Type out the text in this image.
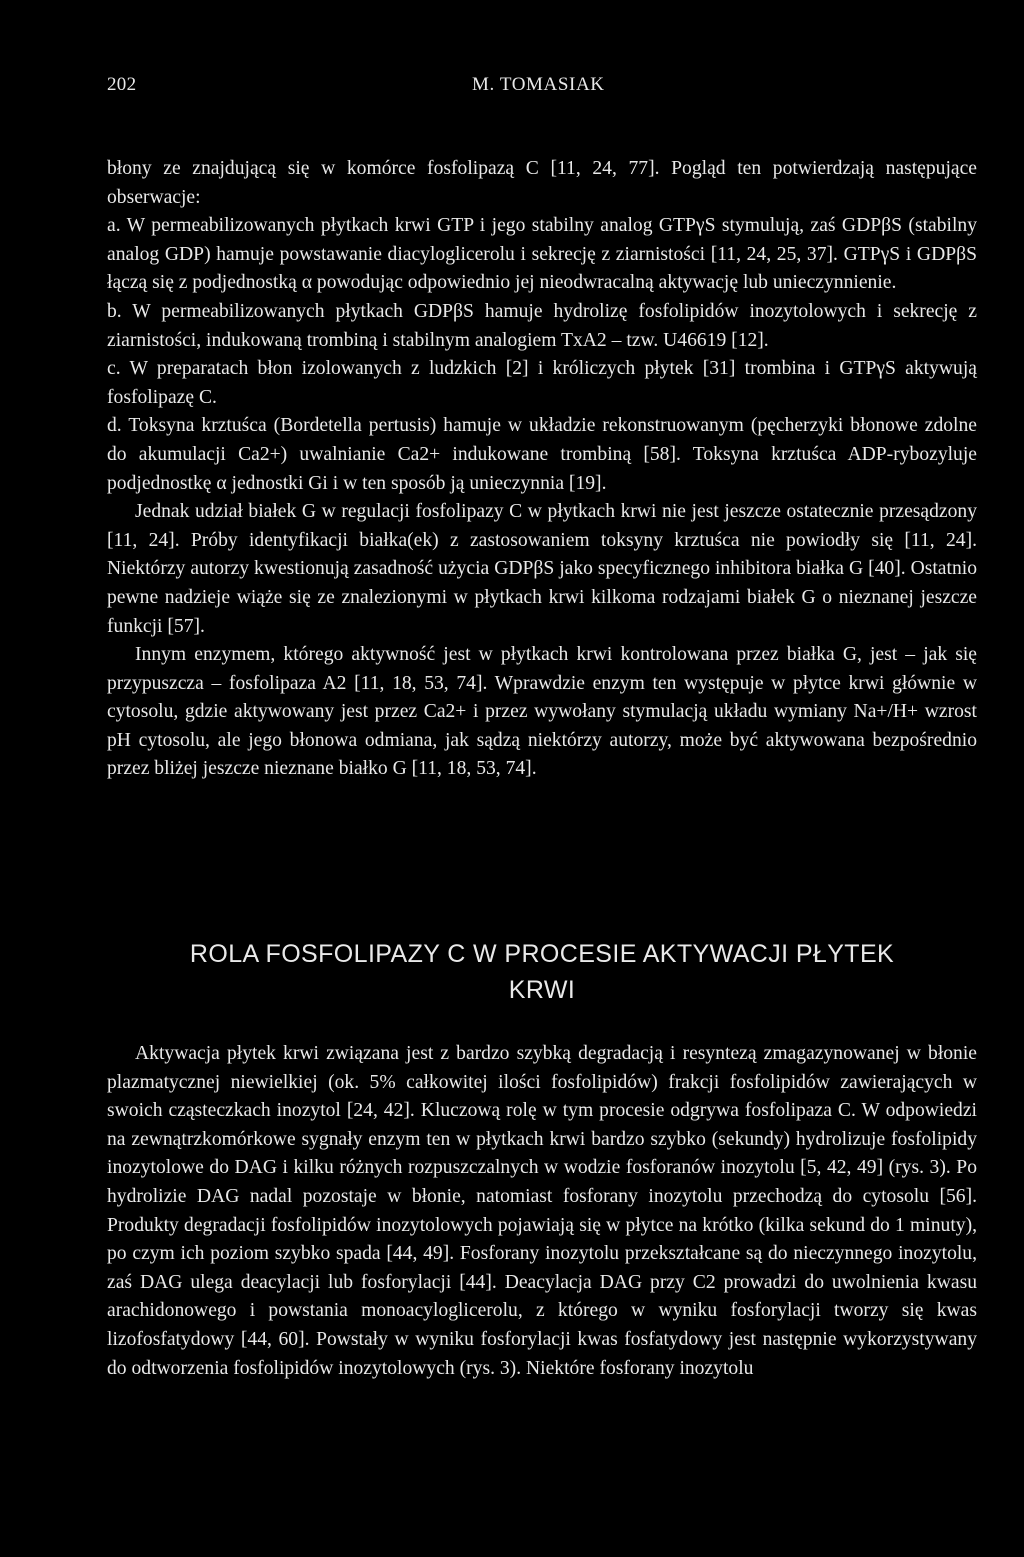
202	M. TOMASIAK

błony ze znajdującą się w komórce fosfolipazą C [11, 24, 77]. Pogląd ten potwierdzają następujące obserwacje:

a. W permeabilizowanych płytkach krwi GTP i jego stabilny analog GTPγS stymulują, zaś GDPβS (stabilny analog GDP) hamuje powstawanie diacyloglicerolu i sekrecję z ziarnistości [11, 24, 25, 37]. GTPγS i GDPβS łączą się z podjednostką α powodując odpowiednio jej nieodwracalną aktywację lub unieczynnienie.

b. W permeabilizowanych płytkach GDPβS hamuje hydrolizę fosfolipidów inozytolowych i sekrecję z ziarnistości, indukowaną trombiną i stabilnym analogiem TxA2 – tzw. U46619 [12].

c. W preparatach błon izolowanych z ludzkich [2] i króliczych płytek [31] trombina i GTPγS aktywują fosfolipazę C.

d. Toksyna krztuśca (Bordetella pertusis) hamuje w układzie rekonstruowanym (pęcherzyki błonowe zdolne do akumulacji Ca2+) uwalnianie Ca2+ indukowane trombiną [58]. Toksyna krztuśca ADP-rybozyluje podjednostkę α jednostki Gi i w ten sposób ją unieczynnia [19].

Jednak udział białek G w regulacji fosfolipazy C w płytkach krwi nie jest jeszcze ostatecznie przesądzony [11, 24]. Próby identyfikacji białka(ek) z zastosowaniem toksyny krztuśca nie powiodły się [11, 24]. Niektórzy autorzy kwestionują zasadność użycia GDPβS jako specyficznego inhibitora białka G [40]. Ostatnio pewne nadzieje wiąże się ze znalezionymi w płytkach krwi kilkoma rodzajami białek G o nieznanej jeszcze funkcji [57].

Innym enzymem, którego aktywność jest w płytkach krwi kontrolowana przez białka G, jest – jak się przypuszcza – fosfolipaza A2 [11, 18, 53, 74]. Wprawdzie enzym ten występuje w płytce krwi głównie w cytosolu, gdzie aktywowany jest przez Ca2+ i przez wywołany stymulacją układu wymiany Na+/H+ wzrost pH cytosolu, ale jego błonowa odmiana, jak sądzą niektórzy autorzy, może być aktywowana bezpośrednio przez bliżej jeszcze nieznane białko G [11, 18, 53, 74].

ROLA FOSFOLIPAZY C W PROCESIE AKTYWACJI PŁYTEK
KRWI

Aktywacja płytek krwi związana jest z bardzo szybką degradacją i resyntezą zmagazynowanej w błonie plazmatycznej niewielkiej (ok. 5% całkowitej ilości fosfolipidów) frakcji fosfolipidów zawierających w swoich cząsteczkach inozytol [24, 42]. Kluczową rolę w tym procesie odgrywa fosfolipaza C. W odpowiedzi na zewnątrzkomórkowe sygnały enzym ten w płytkach krwi bardzo szybko (sekundy) hydrolizuje fosfolipidy inozytolowe do DAG i kilku różnych rozpuszczalnych w wodzie fosforanów inozytolu [5, 42, 49] (rys. 3). Po hydrolizie DAG nadal pozostaje w błonie, natomiast fosforany inozytolu przechodzą do cytosolu [56]. Produkty degradacji fosfolipidów inozytolowych pojawiają się w płytce na krótko (kilka sekund do 1 minuty), po czym ich poziom szybko spada [44, 49]. Fosforany inozytolu przekształcane są do nieczynnego inozytolu, zaś DAG ulega deacylacji lub fosforylacji [44]. Deacylacja DAG przy C2 prowadzi do uwolnienia kwasu arachidonowego i powstania monoacyloglicerolu, z którego w wyniku fosforylacji tworzy się kwas lizofosfatydowy [44, 60]. Powstały w wyniku fosforylacji kwas fosfatydowy jest następnie wykorzystywany do odtworzenia fosfolipidów inozytolowych (rys. 3). Niektóre fosforany inozytolu
